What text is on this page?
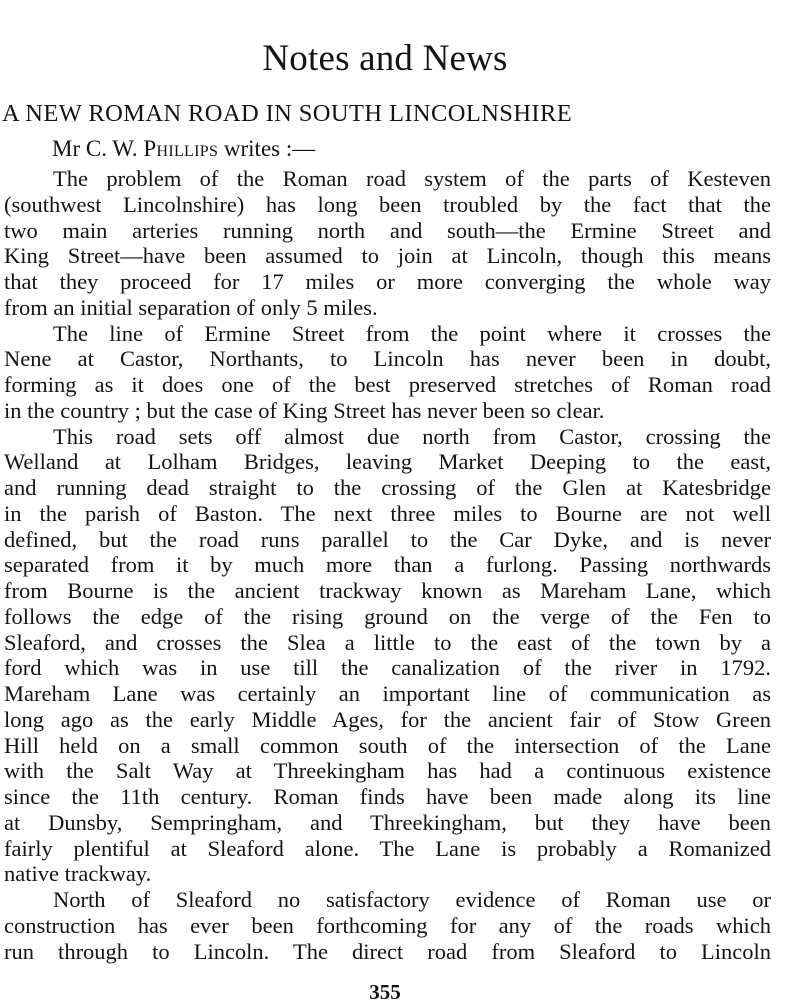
Notes and News
A NEW ROMAN ROAD IN SOUTH LINCOLNSHIRE
Mr C. W. Phillips writes :—
The problem of the Roman road system of the parts of Kesteven
(southwest Lincolnshire) has long been troubled by the fact that the
two main arteries running north and south—the Ermine Street and
King Street—have been assumed to join at Lincoln, though this means
that they proceed for 17 miles or more converging the whole way
from an initial separation of only 5 miles.
The line of Ermine Street from the point where it crosses the
Nene at Castor, Northants, to Lincoln has never been in doubt,
forming as it does one of the best preserved stretches of Roman road
in the country ; but the case of King Street has never been so clear.
This road sets off almost due north from Castor, crossing the
Welland at Lolham Bridges, leaving Market Deeping to the east,
and running dead straight to the crossing of the Glen at Katesbridge
in the parish of Baston. The next three miles to Bourne are not well
defined, but the road runs parallel to the Car Dyke, and is never
separated from it by much more than a furlong. Passing northwards
from Bourne is the ancient trackway known as Mareham Lane, which
follows the edge of the rising ground on the verge of the Fen to
Sleaford, and crosses the Slea a little to the east of the town by a
ford which was in use till the canalization of the river in 1792.
Mareham Lane was certainly an important line of communication as
long ago as the early Middle Ages, for the ancient fair of Stow Green
Hill held on a small common south of the intersection of the Lane
with the Salt Way at Threekingham has had a continuous existence
since the 11th century. Roman finds have been made along its line
at Dunsby, Sempringham, and Threekingham, but they have been
fairly plentiful at Sleaford alone. The Lane is probably a Romanized
native trackway.
North of Sleaford no satisfactory evidence of Roman use or
construction has ever been forthcoming for any of the roads which
run through to Lincoln. The direct road from Sleaford to Lincoln
355
